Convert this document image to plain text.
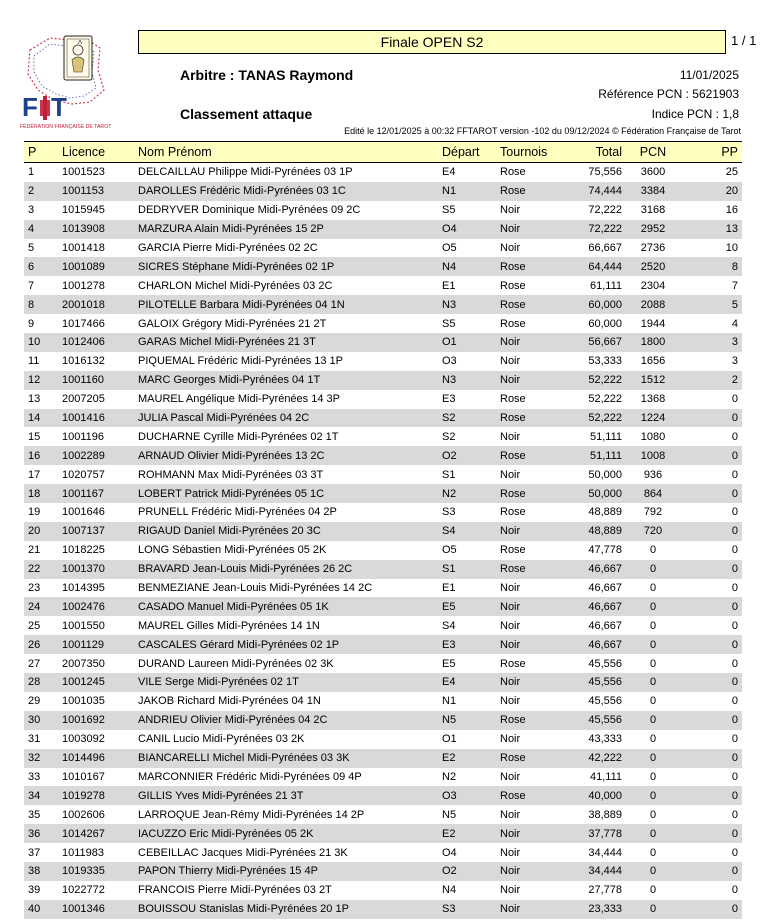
F T
FÉDÉRATION FRANÇAISE DE TAROT
Finale OPEN S2	1 / 1
Arbitre : TANAS Raymond
Classement attaque
11/01/2025
Référence PCN : 5621903
Indice PCN : 1,8
Edité le 12/01/2025 à 00:32 FFTAROT version -102 du 09/12/2024 © Fédération Française de Tarot
P	Licence	Nom Prénom	Départ	Tournois	Total	PCN	PP
1	1001523	DELCAILLAU Philippe Midi-Pyrénées 03 1P	E4	Rose	75,556	3600	25
2	1001153	DAROLLES Frédéric Midi-Pyrénées 03 1C	N1	Rose	74,444	3384	20
3	1015945	DEDRYVER Dominique Midi-Pyrénées 09 2C	S5	Noir	72,222	3168	16
4	1013908	MARZURA Alain Midi-Pyrénées 15 2P	O4	Noir	72,222	2952	13
5	1001418	GARCIA Pierre Midi-Pyrénées 02 2C	O5	Noir	66,667	2736	10
6	1001089	SICRES Stéphane Midi-Pyrénées 02 1P	N4	Rose	64,444	2520	8
7	1001278	CHARLON Michel Midi-Pyrénées 03 2C	E1	Rose	61,111	2304	7
8	2001018	PILOTELLE Barbara Midi-Pyrénées 04 1N	N3	Rose	60,000	2088	5
9	1017466	GALOIX Grégory Midi-Pyrénées 21 2T	S5	Rose	60,000	1944	4
10	1012406	GARAS Michel Midi-Pyrénées 21 3T	O1	Noir	56,667	1800	3
11	1016132	PIQUEMAL Frédéric Midi-Pyrénées 13 1P	O3	Noir	53,333	1656	3
12	1001160	MARC Georges Midi-Pyrénées 04 1T	N3	Noir	52,222	1512	2
13	2007205	MAUREL Angélique Midi-Pyrénées 14 3P	E3	Rose	52,222	1368	0
14	1001416	JULIA Pascal Midi-Pyrénées 04 2C	S2	Rose	52,222	1224	0
15	1001196	DUCHARNE Cyrille Midi-Pyrénées 02 1T	S2	Noir	51,111	1080	0
16	1002289	ARNAUD Olivier Midi-Pyrénées 13 2C	O2	Rose	51,111	1008	0
17	1020757	ROHMANN Max Midi-Pyrénées 03 3T	S1	Noir	50,000	936	0
18	1001167	LOBERT Patrick Midi-Pyrénées 05 1C	N2	Rose	50,000	864	0
19	1001646	PRUNELL Frédéric Midi-Pyrénées 04 2P	S3	Rose	48,889	792	0
20	1007137	RIGAUD Daniel Midi-Pyrénées 20 3C	S4	Noir	48,889	720	0
21	1018225	LONG Sébastien Midi-Pyrénées 05 2K	O5	Rose	47,778	0	0
22	1001370	BRAVARD Jean-Louis Midi-Pyrénées 26 2C	S1	Rose	46,667	0	0
23	1014395	BENMEZIANE Jean-Louis Midi-Pyrénées 14 2C	E1	Noir	46,667	0	0
24	1002476	CASADO Manuel Midi-Pyrénées 05 1K	E5	Noir	46,667	0	0
25	1001550	MAUREL Gilles Midi-Pyrénées 14 1N	S4	Noir	46,667	0	0
26	1001129	CASCALES Gérard Midi-Pyrénées 02 1P	E3	Noir	46,667	0	0
27	2007350	DURAND Laureen Midi-Pyrénées 02 3K	E5	Rose	45,556	0	0
28	1001245	VILE Serge Midi-Pyrénées 02 1T	E4	Noir	45,556	0	0
29	1001035	JAKOB Richard Midi-Pyrénées 04 1N	N1	Noir	45,556	0	0
30	1001692	ANDRIEU Olivier Midi-Pyrénées 04 2C	N5	Rose	45,556	0	0
31	1003092	CANIL Lucio Midi-Pyrénées 03 2K	O1	Noir	43,333	0	0
32	1014496	BIANCARELLI Michel Midi-Pyrénées 03 3K	E2	Rose	42,222	0	0
33	1010167	MARCONNIER Frédéric Midi-Pyrénées 09 4P	N2	Noir	41,111	0	0
34	1019278	GILLIS Yves Midi-Pyrénées 21 3T	O3	Rose	40,000	0	0
35	1002606	LARROQUE Jean-Rémy Midi-Pyrénées 14 2P	N5	Noir	38,889	0	0
36	1014267	IACUZZO Eric Midi-Pyrénées 05 2K	E2	Noir	37,778	0	0
37	1011983	CEBEILLAC Jacques Midi-Pyrénées 21 3K	O4	Noir	34,444	0	0
38	1019335	PAPON Thierry Midi-Pyrénées 15 4P	O2	Noir	34,444	0	0
39	1022772	FRANCOIS Pierre Midi-Pyrénées 03 2T	N4	Noir	27,778	0	0
40	1001346	BOUISSOU Stanislas Midi-Pyrénées 20 1P	S3	Noir	23,333	0	0
